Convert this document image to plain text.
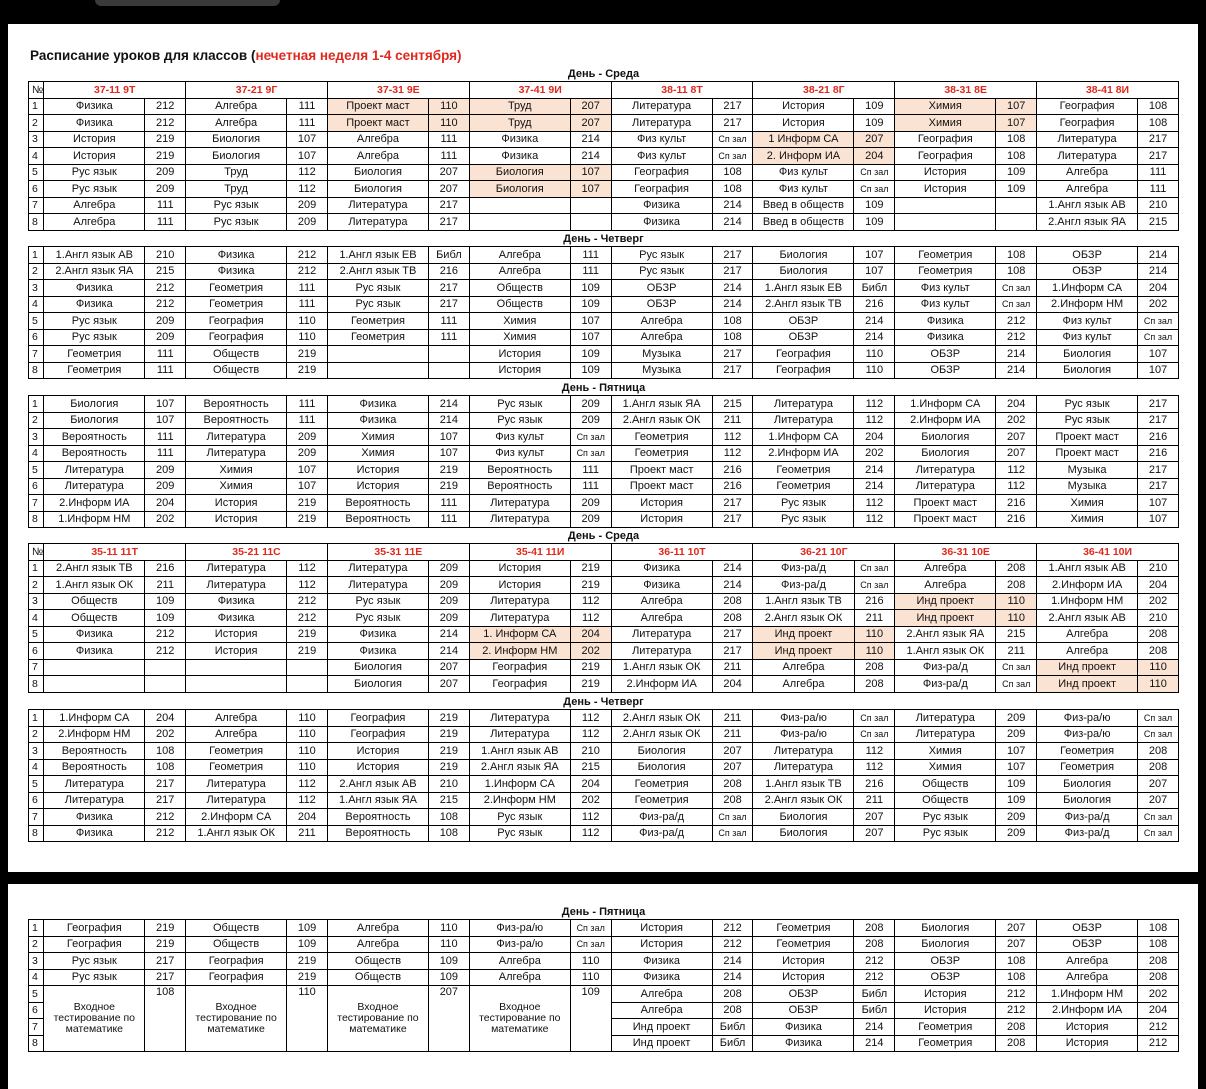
Расписание уроков для классов (нечетная неделя 1-4 сентября)
День - Среда
№	37-11 9Т		37-21 9Г		37-31 9Е		37-41 9И		38-11 8Т		38-21 8Г		38-31 8Е		38-41 8И	
1	Физика	212	Алгебра	111	Проект маст	110	Труд	207	Литература	217	История	109	Химия	107	География	108
2	Физика	212	Алгебра	111	Проект маст	110	Труд	207	Литература	217	История	109	Химия	107	География	108
3	История	219	Биология	107	Алгебра	111	Физика	214	Физ культ	Сп зал	1 Информ СА	207	География	108	Литература	217
4	История	219	Биология	107	Алгебра	111	Физика	214	Физ культ	Сп зал	2. Информ ИА	204	География	108	Литература	217
5	Рус язык	209	Труд	112	Биология	207	Биология	107	География	108	Физ культ	Сп зал	История	109	Алгебра	111
6	Рус язык	209	Труд	112	Биология	207	Биология	107	География	108	Физ культ	Сп зал	История	109	Алгебра	111
7	Алгебра	111	Рус язык	209	Литература	217			Физика	214	Введ в обществ	109			1.Англ язык АВ	210
8	Алгебра	111	Рус язык	209	Литература	217			Физика	214	Введ в обществ	109			2.Англ язык ЯА	215
День - Четверг
1	1.Англ язык АВ	210	Физика	212	1.Англ язык ЕВ	Библ	Алгебра	111	Рус язык	217	Биология	107	Геометрия	108	ОБЗР	214
2	2.Англ язык ЯА	215	Физика	212	2.Англ язык ТВ	216	Алгебра	111	Рус язык	217	Биология	107	Геометрия	108	ОБЗР	214
3	Физика	212	Геометрия	111	Рус язык	217	Обществ	109	ОБЗР	214	1.Англ язык ЕВ	Библ	Физ культ	Сп зал	1.Информ СА	204
4	Физика	212	Геометрия	111	Рус язык	217	Обществ	109	ОБЗР	214	2.Англ язык ТВ	216	Физ культ	Сп зал	2.Информ НМ	202
5	Рус язык	209	География	110	Геометрия	111	Химия	107	Алгебра	108	ОБЗР	214	Физика	212	Физ культ	Сп зал
6	Рус язык	209	География	110	Геометрия	111	Химия	107	Алгебра	108	ОБЗР	214	Физика	212	Физ культ	Сп зал
7	Геометрия	111	Обществ	219			История	109	Музыка	217	География	110	ОБЗР	214	Биология	107
8	Геометрия	111	Обществ	219			История	109	Музыка	217	География	110	ОБЗР	214	Биология	107
День - Пятница
1	Биология	107	Вероятность	111	Физика	214	Рус язык	209	1.Англ язык ЯА	215	Литература	112	1.Информ СА	204	Рус язык	217
2	Биология	107	Вероятность	111	Физика	214	Рус язык	209	2.Англ язык ОК	211	Литература	112	2.Информ ИА	202	Рус язык	217
3	Вероятность	111	Литература	209	Химия	107	Физ культ	Сп зал	Геометрия	112	1.Информ СА	204	Биология	207	Проект маст	216
4	Вероятность	111	Литература	209	Химия	107	Физ культ	Сп зал	Геометрия	112	2.Информ ИА	202	Биология	207	Проект маст	216
5	Литература	209	Химия	107	История	219	Вероятность	111	Проект маст	216	Геометрия	214	Литература	112	Музыка	217
6	Литература	209	Химия	107	История	219	Вероятность	111	Проект маст	216	Геометрия	214	Литература	112	Музыка	217
7	2.Информ ИА	204	История	219	Вероятность	111	Литература	209	История	217	Рус язык	112	Проект маст	216	Химия	107
8	1.Информ НМ	202	История	219	Вероятность	111	Литература	209	История	217	Рус язык	112	Проект маст	216	Химия	107
День - Среда
№	35-11 11Т		35-21 11С		35-31 11Е		35-41 11И		36-11 10Т		36-21 10Г		36-31 10Е		36-41 10И	
1	2.Англ язык ТВ	216	Литература	112	Литература	209	История	219	Физика	214	Физ-ра/д	Сп зал	Алгебра	208	1.Англ язык АВ	210
2	1.Англ язык ОК	211	Литература	112	Литература	209	История	219	Физика	214	Физ-ра/д	Сп зал	Алгебра	208	2.Информ ИА	204
3	Обществ	109	Физика	212	Рус язык	209	Литература	112	Алгебра	208	1.Англ язык ТВ	216	Инд проект	110	1.Информ НМ	202
4	Обществ	109	Физика	212	Рус язык	209	Литература	112	Алгебра	208	2.Англ язык ОК	211	Инд проект	110	2.Англ язык АВ	210
5	Физика	212	История	219	Физика	214	1. Информ СА	204	Литература	217	Инд проект	110	2.Англ язык ЯА	215	Алгебра	208
6	Физика	212	История	219	Физика	214	2. Информ НМ	202	Литература	217	Инд проект	110	1.Англ язык ОК	211	Алгебра	208
7					Биология	207	География	219	1.Англ язык ОК	211	Алгебра	208	Физ-ра/д	Сп зал	Инд проект	110
8					Биология	207	География	219	2.Информ ИА	204	Алгебра	208	Физ-ра/д	Сп зал	Инд проект	110
День - Четверг
1	1.Информ СА	204	Алгебра	110	География	219	Литература	112	2.Англ язык ОК	211	Физ-ра/ю	Сп зал	Литература	209	Физ-ра/ю	Сп зал
2	2.Информ НМ	202	Алгебра	110	География	219	Литература	112	2.Англ язык ОК	211	Физ-ра/ю	Сп зал	Литература	209	Физ-ра/ю	Сп зал
3	Вероятность	108	Геометрия	110	История	219	1.Англ язык АВ	210	Биология	207	Литература	112	Химия	107	Геометрия	208
4	Вероятность	108	Геометрия	110	История	219	2.Англ язык ЯА	215	Биология	207	Литература	112	Химия	107	Геометрия	208
5	Литература	217	Литература	112	2.Англ язык АВ	210	1.Информ СА	204	Геометрия	208	1.Англ язык ТВ	216	Обществ	109	Биология	207
6	Литература	217	Литература	112	1.Англ язык ЯА	215	2.Информ НМ	202	Геометрия	208	2.Англ язык ОК	211	Обществ	109	Биология	207
7	Физика	212	2.Информ СА	204	Вероятность	108	Рус язык	112	Физ-ра/д	Сп зал	Биология	207	Рус язык	209	Физ-ра/д	Сп зал
8	Физика	212	1.Англ язык ОК	211	Вероятность	108	Рус язык	112	Физ-ра/д	Сп зал	Биология	207	Рус язык	209	Физ-ра/д	Сп зал
День - Пятница
1	География	219	Обществ	109	Алгебра	110	Физ-ра/ю	Сп зал	История	212	Геометрия	208	Биология	207	ОБЗР	108
2	География	219	Обществ	109	Алгебра	110	Физ-ра/ю	Сп зал	История	212	Геометрия	208	Биология	207	ОБЗР	108
3	Рус язык	217	География	219	Обществ	109	Алгебра	110	Физика	214	История	212	ОБЗР	108	Алгебра	208
4	Рус язык	217	География	219	Обществ	109	Алгебра	110	Физика	214	История	212	ОБЗР	108	Алгебра	208
5	Входное тестирование по математике	108	Входное тестирование по математике	110	Входное тестирование по математике	207	Входное тестирование по математике	109	Алгебра	208	ОБЗР	Библ	История	212	1.Информ НМ	202
6									Алгебра	208	ОБЗР	Библ	История	212	2.Информ ИА	204
7									Инд проект	Библ	Физика	214	Геометрия	208	История	212
8									Инд проект	Библ	Физика	214	Геометрия	208	История	212
